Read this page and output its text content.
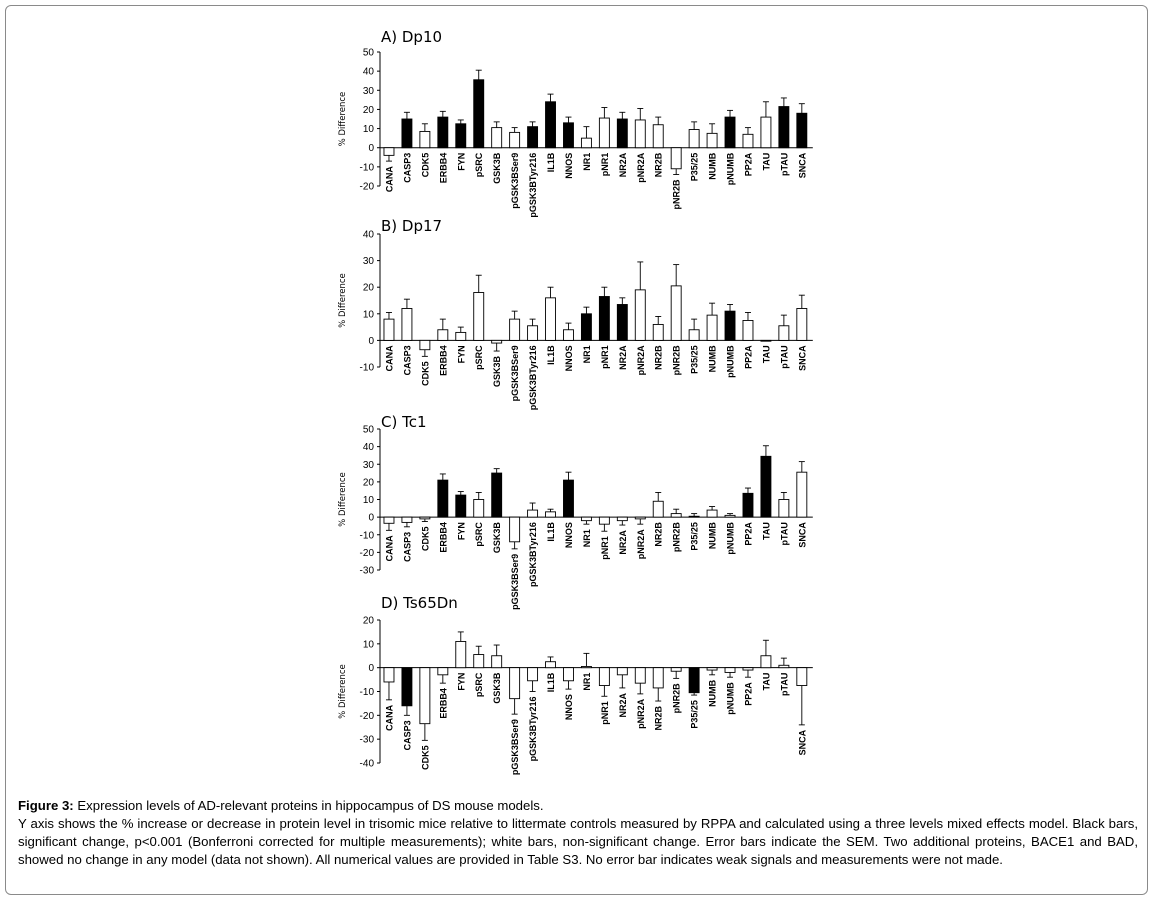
A) Dp10
% Difference
-20
-10
0
10
20
30
40
50
CANA CASP3 CDK5 ERBB4 FYN pSRC GSK3B pGSK3BSer9 pGSK3BTyr216 IL1B NNOS NR1 pNR1 NR2A pNR2A NR2B
pNR2B
P35/25 NUMB pNUMB PP2A TAU pTAU SNCA
B) Dp17
% Difference
-10
0
10
20
30
40
CANA CASP3 CDK5 ERBB4 FYN pSRC GSK3B pGSK3BSer9 pGSK3BTyr216 IL1B NNOS NR1 pNR1 NR2A pNR2A NR2B pNR2B P35/25 NUMB pNUMB PP2A TAU pTAU SNCA
C) Tc1
% Difference
-30
-20
-10
0
10
20
30
40
50
CANA CASP3 CDK5 ERBB4 FYN pSRC GSK3B
pGSK3BSer9 pGSK3BTyr216 IL1B NNOS NR1 pNR1 NR2A pNR2A NR2B pNR2B P35/25 NUMB pNUMB PP2A TAU pTAU SNCA
D) Ts65Dn
% Difference
-40
-30
-20
-10
0
10
20
CANA
CASP3
CDK5
ERBB4
FYN pSRC GSK3B
pGSK3BSer9 pGSK3BTyr216
IL1B
NNOS
NR1
pNR1 NR2A pNR2A NR2B
pNR2B
P35/25
NUMB pNUMB PP2A
TAU pTAU
SNCA

Figure 3: Expression levels of AD-relevant proteins in hippocampus of DS mouse models.

Y axis shows the % increase or decrease in protein level in trisomic mice relative to littermate controls measured by RPPA and calculated using a three levels mixed effects model. Black bars, significant change, p<0.001 (Bonferroni corrected for multiple measurements); white bars, non-significant change. Error bars indicate the SEM. Two additional proteins, BACE1 and BAD, showed no change in any model (data not shown). All numerical values are provided in Table S3. No error bar indicates weak signals and measurements were not made.
